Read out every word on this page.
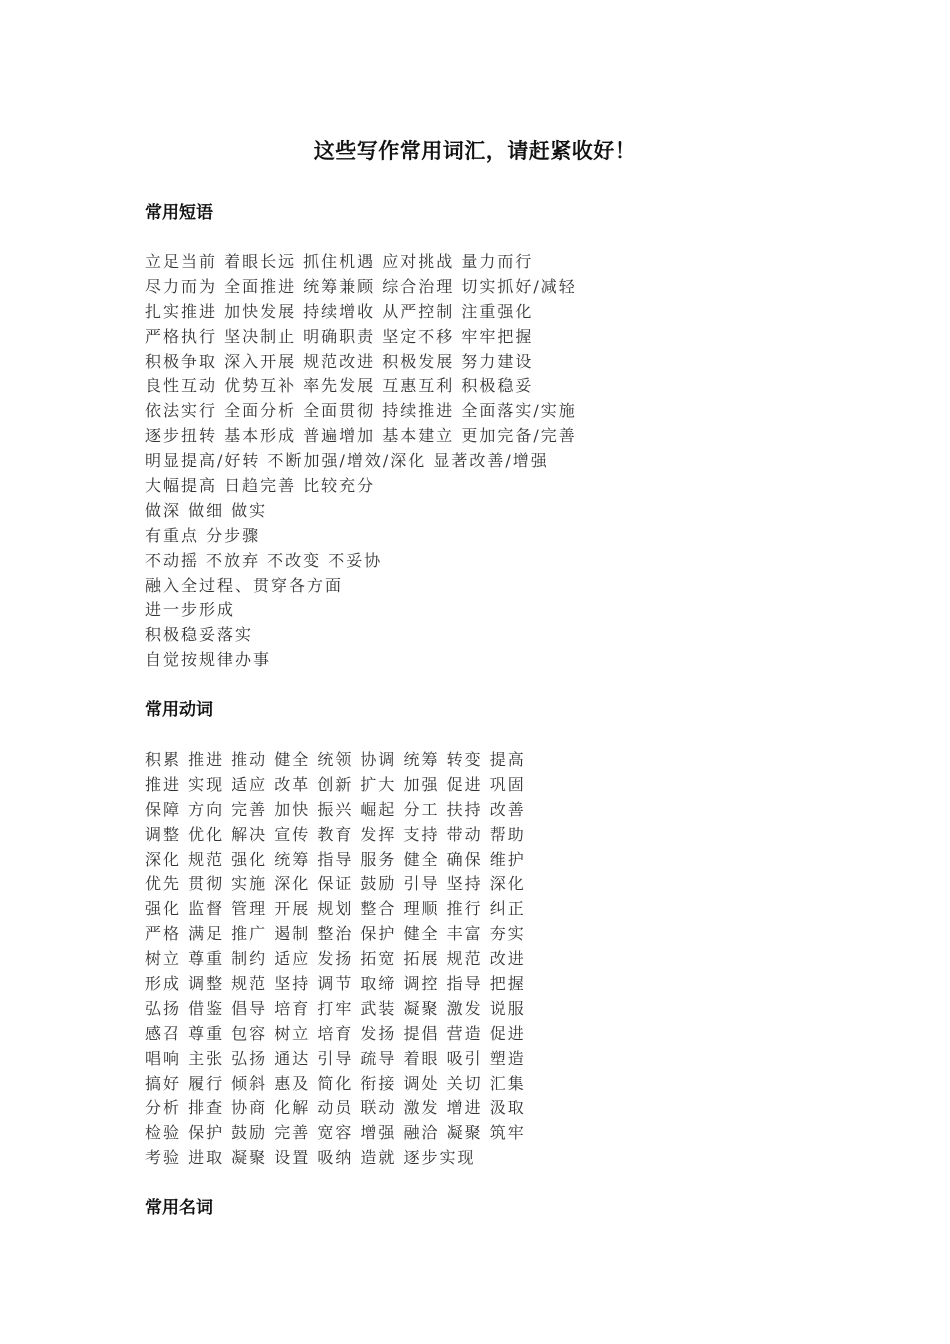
这些写作常用词汇，请赶紧收好！
常用短语
立足当前 着眼长远 抓住机遇 应对挑战 量力而行
尽力而为 全面推进 统筹兼顾 综合治理 切实抓好/减轻
扎实推进 加快发展 持续增收 从严控制 注重强化
严格执行 坚决制止 明确职责 坚定不移 牢牢把握
积极争取 深入开展 规范改进 积极发展 努力建设
良性互动 优势互补 率先发展 互惠互利 积极稳妥
依法实行 全面分析 全面贯彻 持续推进 全面落实/实施
逐步扭转 基本形成 普遍增加 基本建立 更加完备/完善
明显提高/好转 不断加强/增效/深化 显著改善/增强
大幅提高 日趋完善 比较充分
做深 做细 做实
有重点 分步骤
不动摇 不放弃 不改变 不妥协
融入全过程、贯穿各方面
进一步形成
积极稳妥落实
自觉按规律办事
常用动词
积累 推进 推动 健全 统领 协调 统筹 转变 提高
推进 实现 适应 改革 创新 扩大 加强 促进 巩固
保障 方向 完善 加快 振兴 崛起 分工 扶持 改善
调整 优化 解决 宣传 教育 发挥 支持 带动 帮助
深化 规范 强化 统筹 指导 服务 健全 确保 维护
优先 贯彻 实施 深化 保证 鼓励 引导 坚持 深化
强化 监督 管理 开展 规划 整合 理顺 推行 纠正
严格 满足 推广 遏制 整治 保护 健全 丰富 夯实
树立 尊重 制约 适应 发扬 拓宽 拓展 规范 改进
形成 调整 规范 坚持 调节 取缔 调控 指导 把握
弘扬 借鉴 倡导 培育 打牢 武装 凝聚 激发 说服
感召 尊重 包容 树立 培育 发扬 提倡 营造 促进
唱响 主张 弘扬 通达 引导 疏导 着眼 吸引 塑造
搞好 履行 倾斜 惠及 简化 衔接 调处 关切 汇集
分析 排查 协商 化解 动员 联动 激发 增进 汲取
检验 保护 鼓励 完善 宽容 增强 融洽 凝聚 筑牢
考验 进取 凝聚 设置 吸纳 造就 逐步实现
常用名词
